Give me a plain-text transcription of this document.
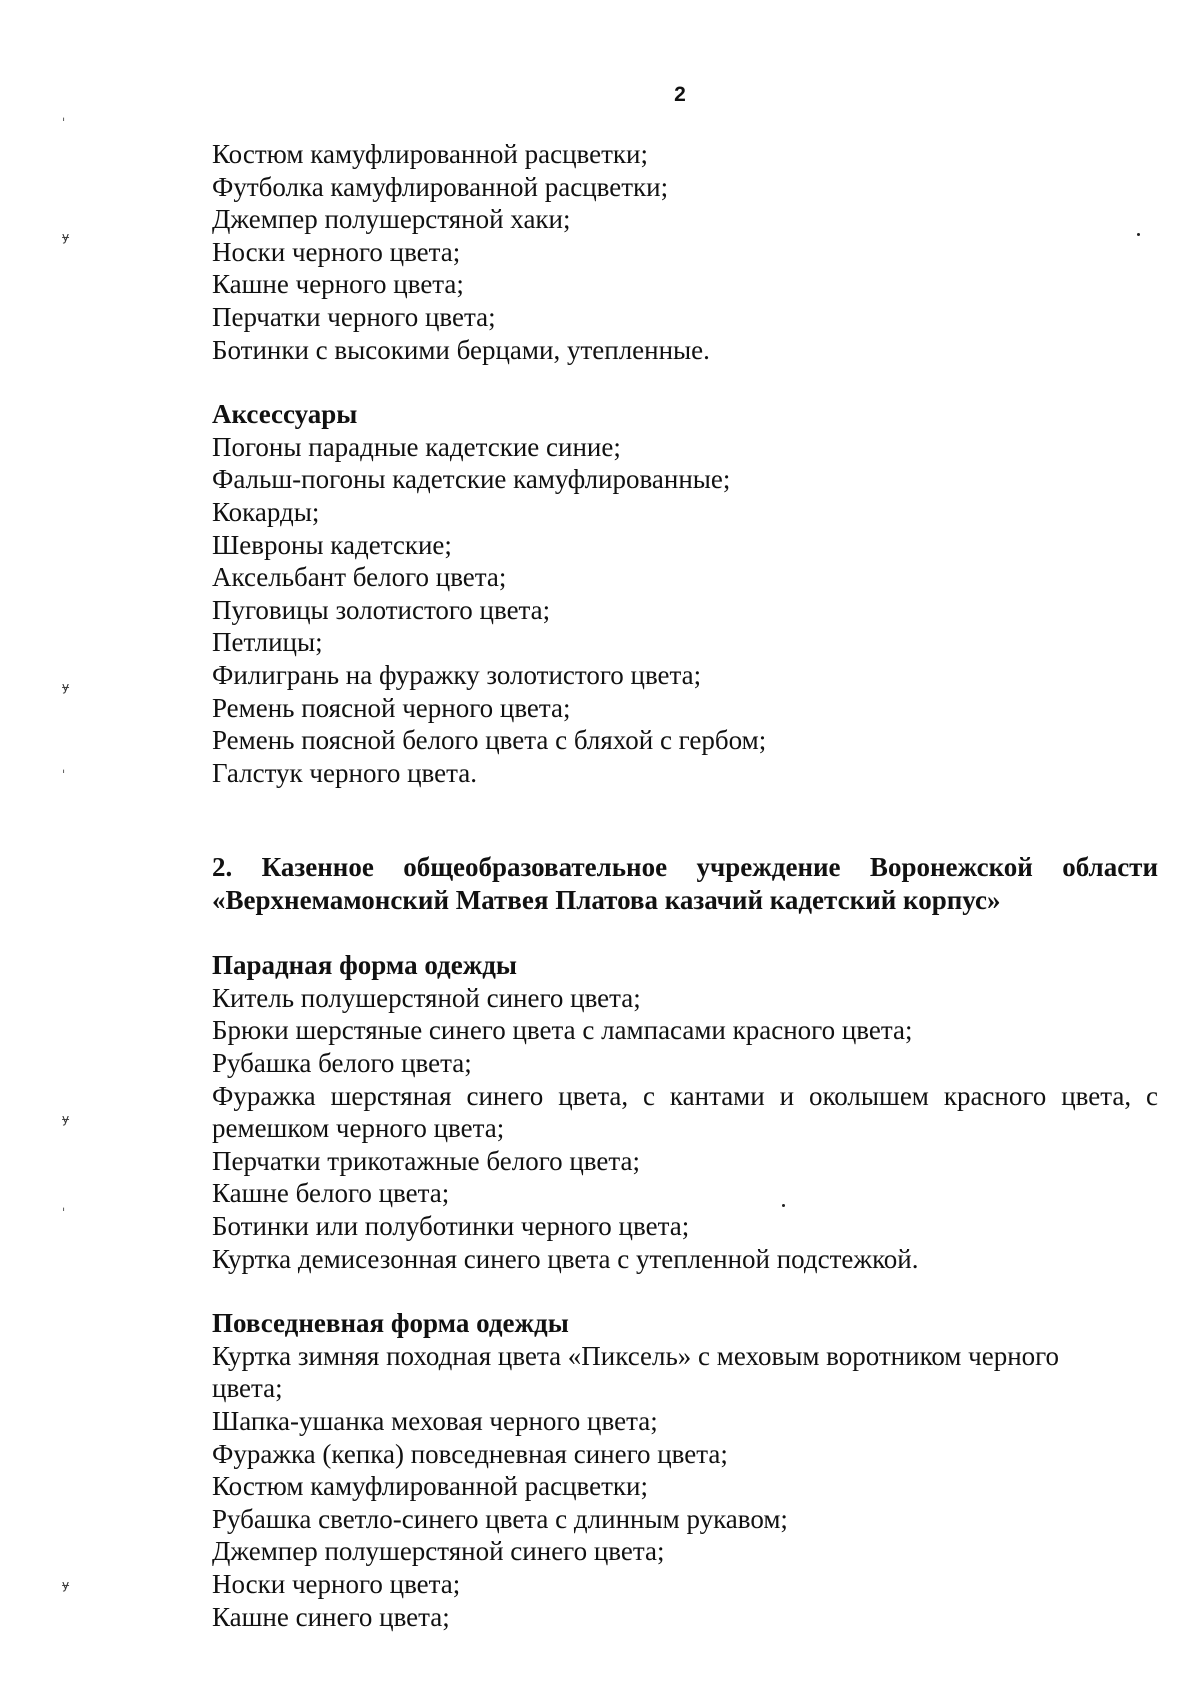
2
ˌ
ɏ
ɏ
ˌ
ɏ
ˌ
ɏ
Костюм камуфлированной расцветки;
Футболка камуфлированной расцветки;
Джемпер полушерстяной хаки;
Носки черного цвета;
Кашне черного цвета;
Перчатки черного цвета;
Ботинки с высокими берцами, утепленные.
Аксессуары
Погоны парадные кадетские синие;
Фальш-погоны кадетские камуфлированные;
Кокарды;
Шевроны кадетские;
Аксельбант белого цвета;
Пуговицы золотистого цвета;
Петлицы;
Филигрань на фуражку золотистого цвета;
Ремень поясной черного цвета;
Ремень поясной белого цвета с бляхой с гербом;
Галстук черного цвета.
2. Казенное общеобразовательное учреждение Воронежской области «Верхнемамонский Матвея Платова казачий кадетский корпус»
Парадная форма одежды
Китель полушерстяной синего цвета;
Брюки шерстяные синего цвета с лампасами красного цвета;
Рубашка белого цвета;
Фуражка шерстяная синего цвета, с кантами и околышем красного цвета, с ремешком черного цвета;
Перчатки трикотажные белого цвета;
Кашне белого цвета;
Ботинки или полуботинки черного цвета;
Куртка демисезонная синего цвета с утепленной подстежкой.
Повседневная форма одежды
Куртка зимняя походная цвета «Пиксель» с меховым воротником черного цвета;
Шапка-ушанка меховая черного цвета;
Фуражка (кепка) повседневная синего цвета;
Костюм камуфлированной расцветки;
Рубашка светло-синего цвета с длинным рукавом;
Джемпер полушерстяной синего цвета;
Носки черного цвета;
Кашне синего цвета;
